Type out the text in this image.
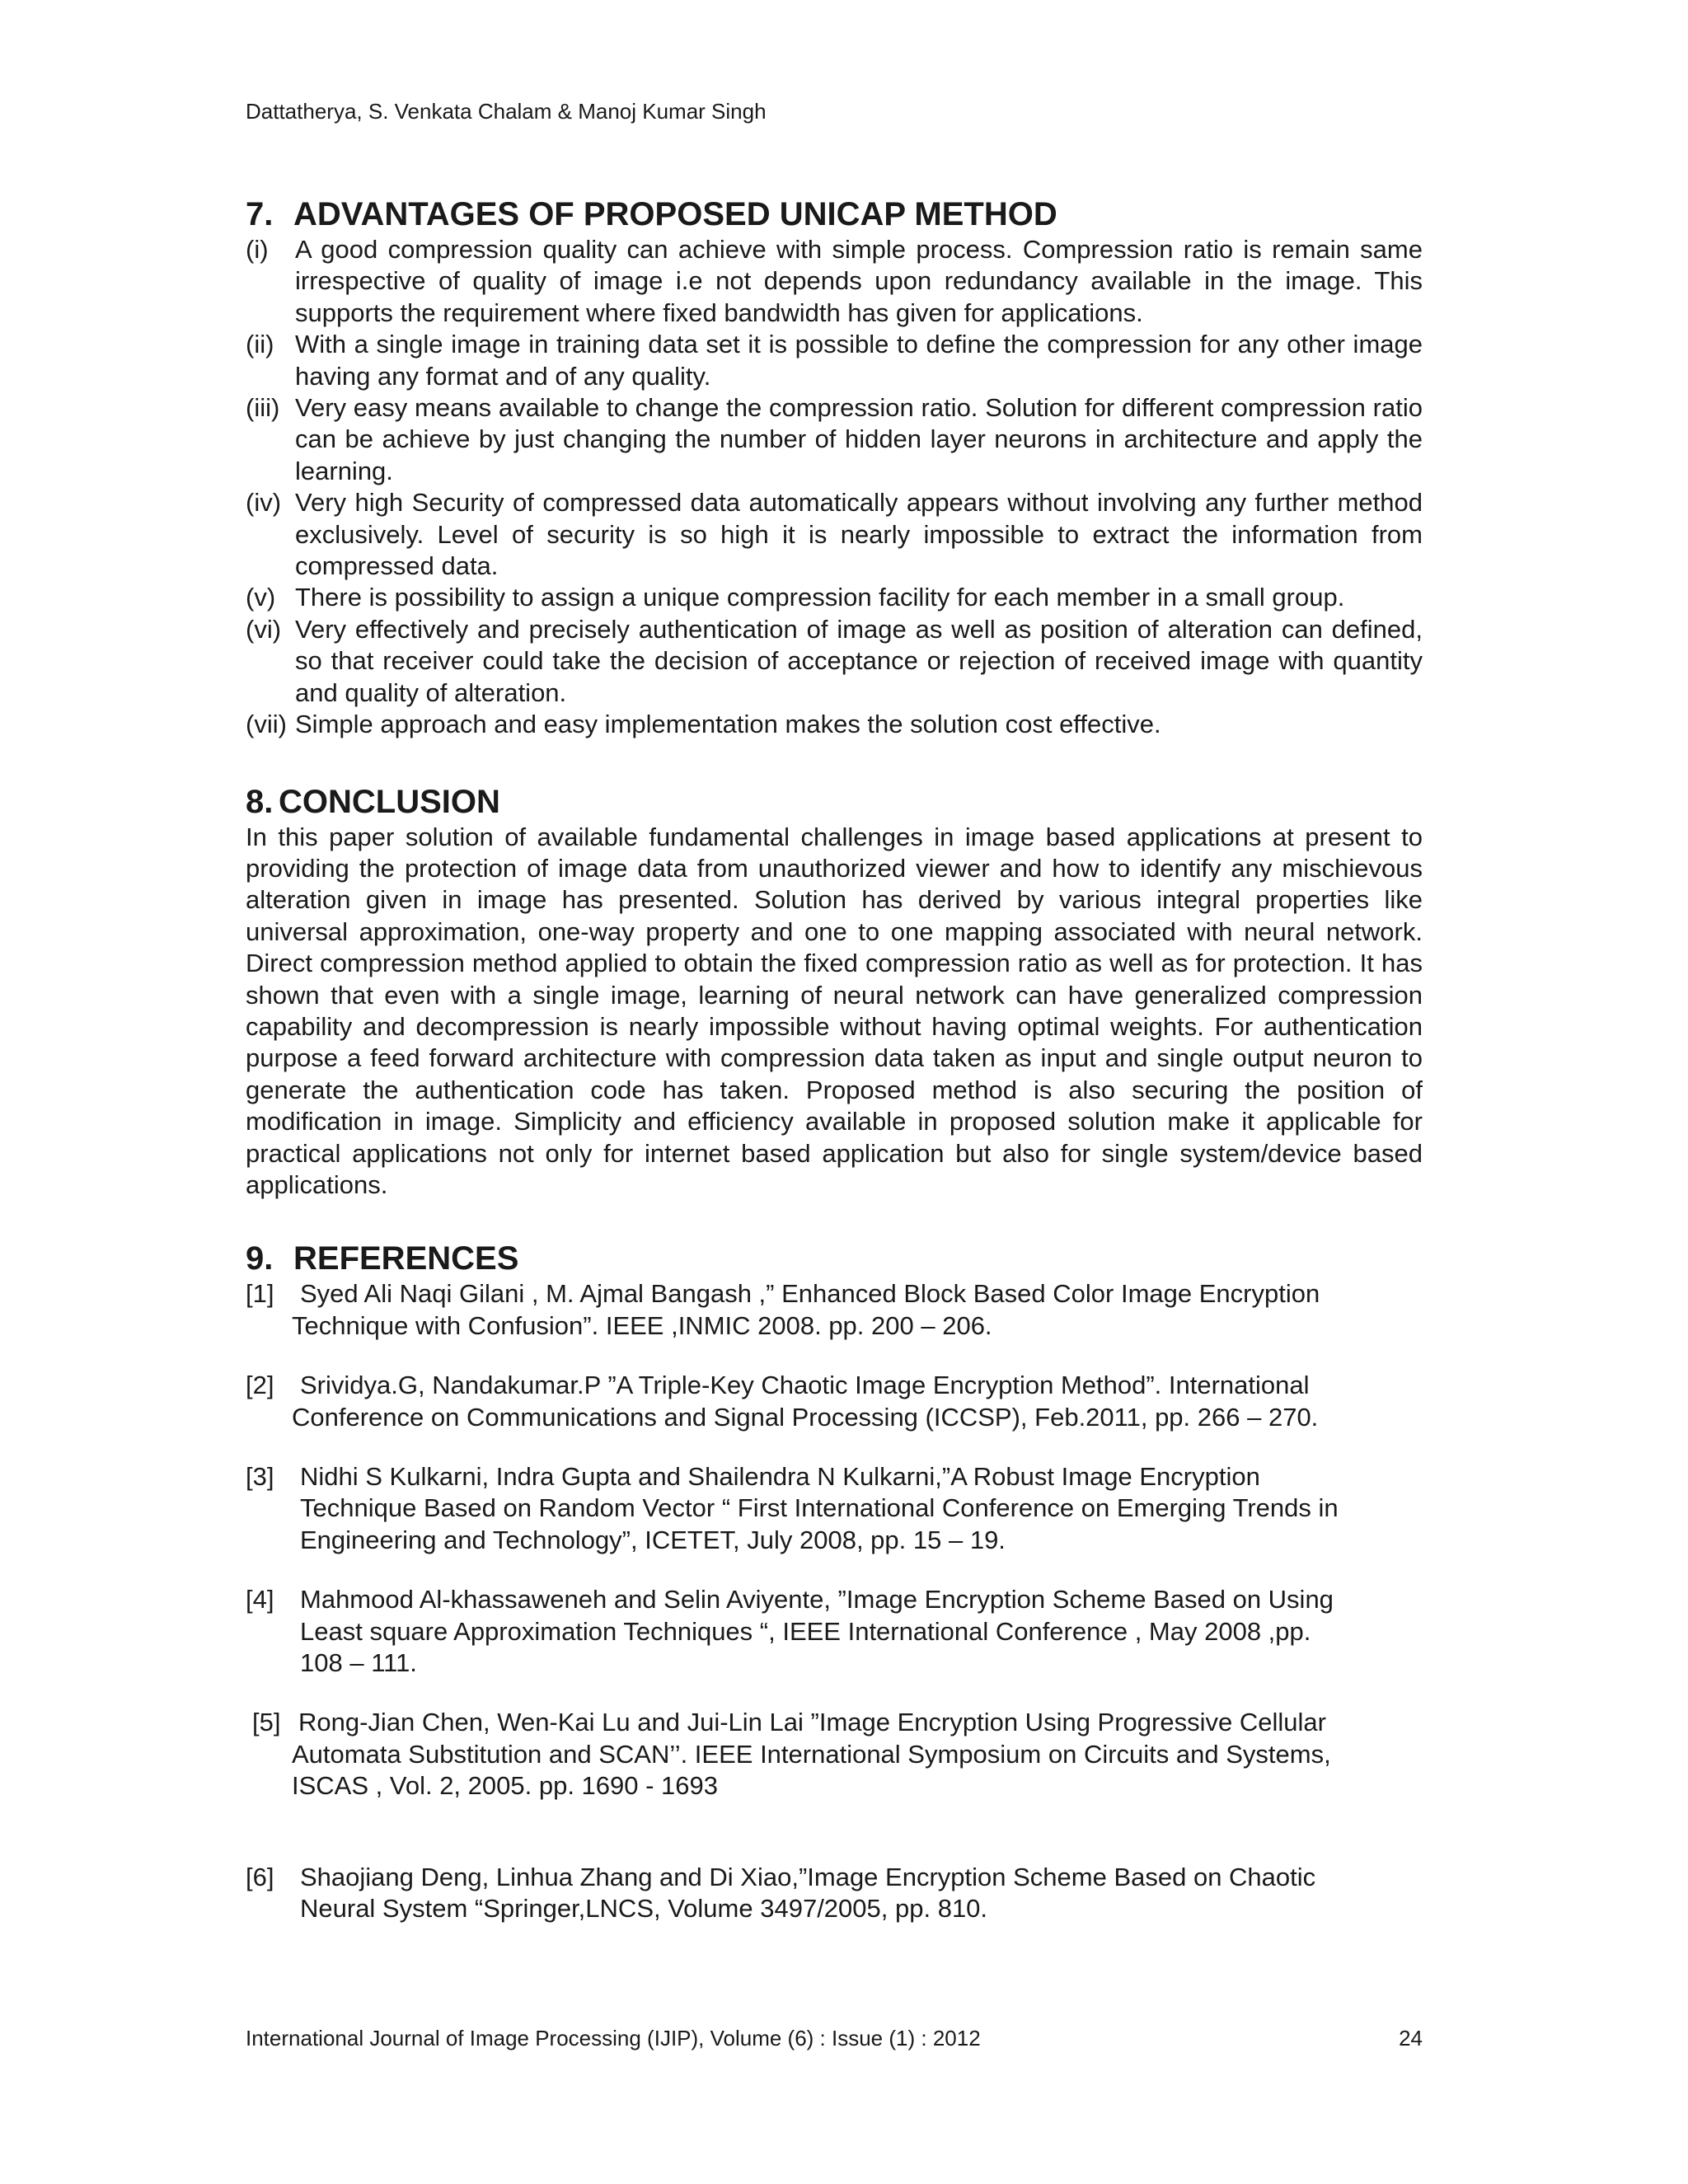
Dattatherya, S. Venkata Chalam & Manoj Kumar Singh
7. ADVANTAGES OF PROPOSED UNICAP METHOD
(i) A good compression quality can achieve with simple process. Compression ratio is remain same irrespective of quality of image i.e not depends upon redundancy available in the image. This supports the requirement where fixed bandwidth has given for applications.
(ii) With a single image in training data set it is possible to define the compression for any other image having any format and of any quality.
(iii) Very easy means available to change the compression ratio. Solution for different compression ratio can be achieve by just changing the number of hidden layer neurons in architecture and apply the learning.
(iv) Very high Security of compressed data automatically appears without involving any further method exclusively. Level of security is so high it is nearly impossible to extract the information from compressed data.
(v) There is possibility to assign a unique compression facility for each member in a small group.
(vi) Very effectively and precisely authentication of image as well as position of alteration can defined, so that receiver could take the decision of acceptance or rejection of received image with quantity and quality of alteration.
(vii) Simple approach and easy implementation makes the solution cost effective.
8. CONCLUSION

In this paper solution of available fundamental challenges in image based applications at present to providing the protection of image data from unauthorized viewer and how to identify any mischievous alteration given in image has presented. Solution has derived by various integral properties like universal approximation, one-way property and one to one mapping associated with neural network. Direct compression method applied to obtain the fixed compression ratio as well as for protection. It has shown that even with a single image, learning of neural network can have generalized compression capability and decompression is nearly impossible without having optimal weights. For authentication purpose a feed forward architecture with compression data taken as input and single output neuron to generate the authentication code has taken. Proposed method is also securing the position of modification in image. Simplicity and efficiency available in proposed solution make it applicable for practical applications not only for internet based application but also for single system/device based applications.

9. REFERENCES
[1]	Syed Ali Naqi Gilani , M. Ajmal Bangash ,” Enhanced Block Based Color Image Encryption
Technique with Confusion”. IEEE ,INMIC 2008. pp. 200 – 206.
[2]	Srividya.G, Nandakumar.P ”A Triple-Key Chaotic Image Encryption Method”. International
Conference on Communications and Signal Processing (ICCSP), Feb.2011, pp. 266 – 270.
[3]	Nidhi S Kulkarni, Indra Gupta and Shailendra N Kulkarni,”A Robust Image Encryption
Technique Based on Random Vector “ First International Conference on Emerging Trends in
Engineering and Technology”, ICETET, July 2008, pp. 15 – 19.
[4]	Mahmood Al-khassaweneh and Selin Aviyente, ”Image Encryption Scheme Based on Using
Least square Approximation Techniques “, IEEE International Conference , May 2008 ,pp.
108 – 111.
[5] Rong-Jian Chen, Wen-Kai Lu and Jui-Lin Lai ”Image Encryption Using Progressive Cellular
Automata Substitution and SCAN’’. IEEE International Symposium on Circuits and Systems,
ISCAS , Vol. 2, 2005. pp. 1690 - 1693
[6]	Shaojiang Deng, Linhua Zhang and Di Xiao,”Image Encryption Scheme Based on Chaotic
Neural System “Springer,LNCS, Volume 3497/2005, pp. 810.
International Journal of Image Processing (IJIP), Volume (6) : Issue (1) : 2012	24
